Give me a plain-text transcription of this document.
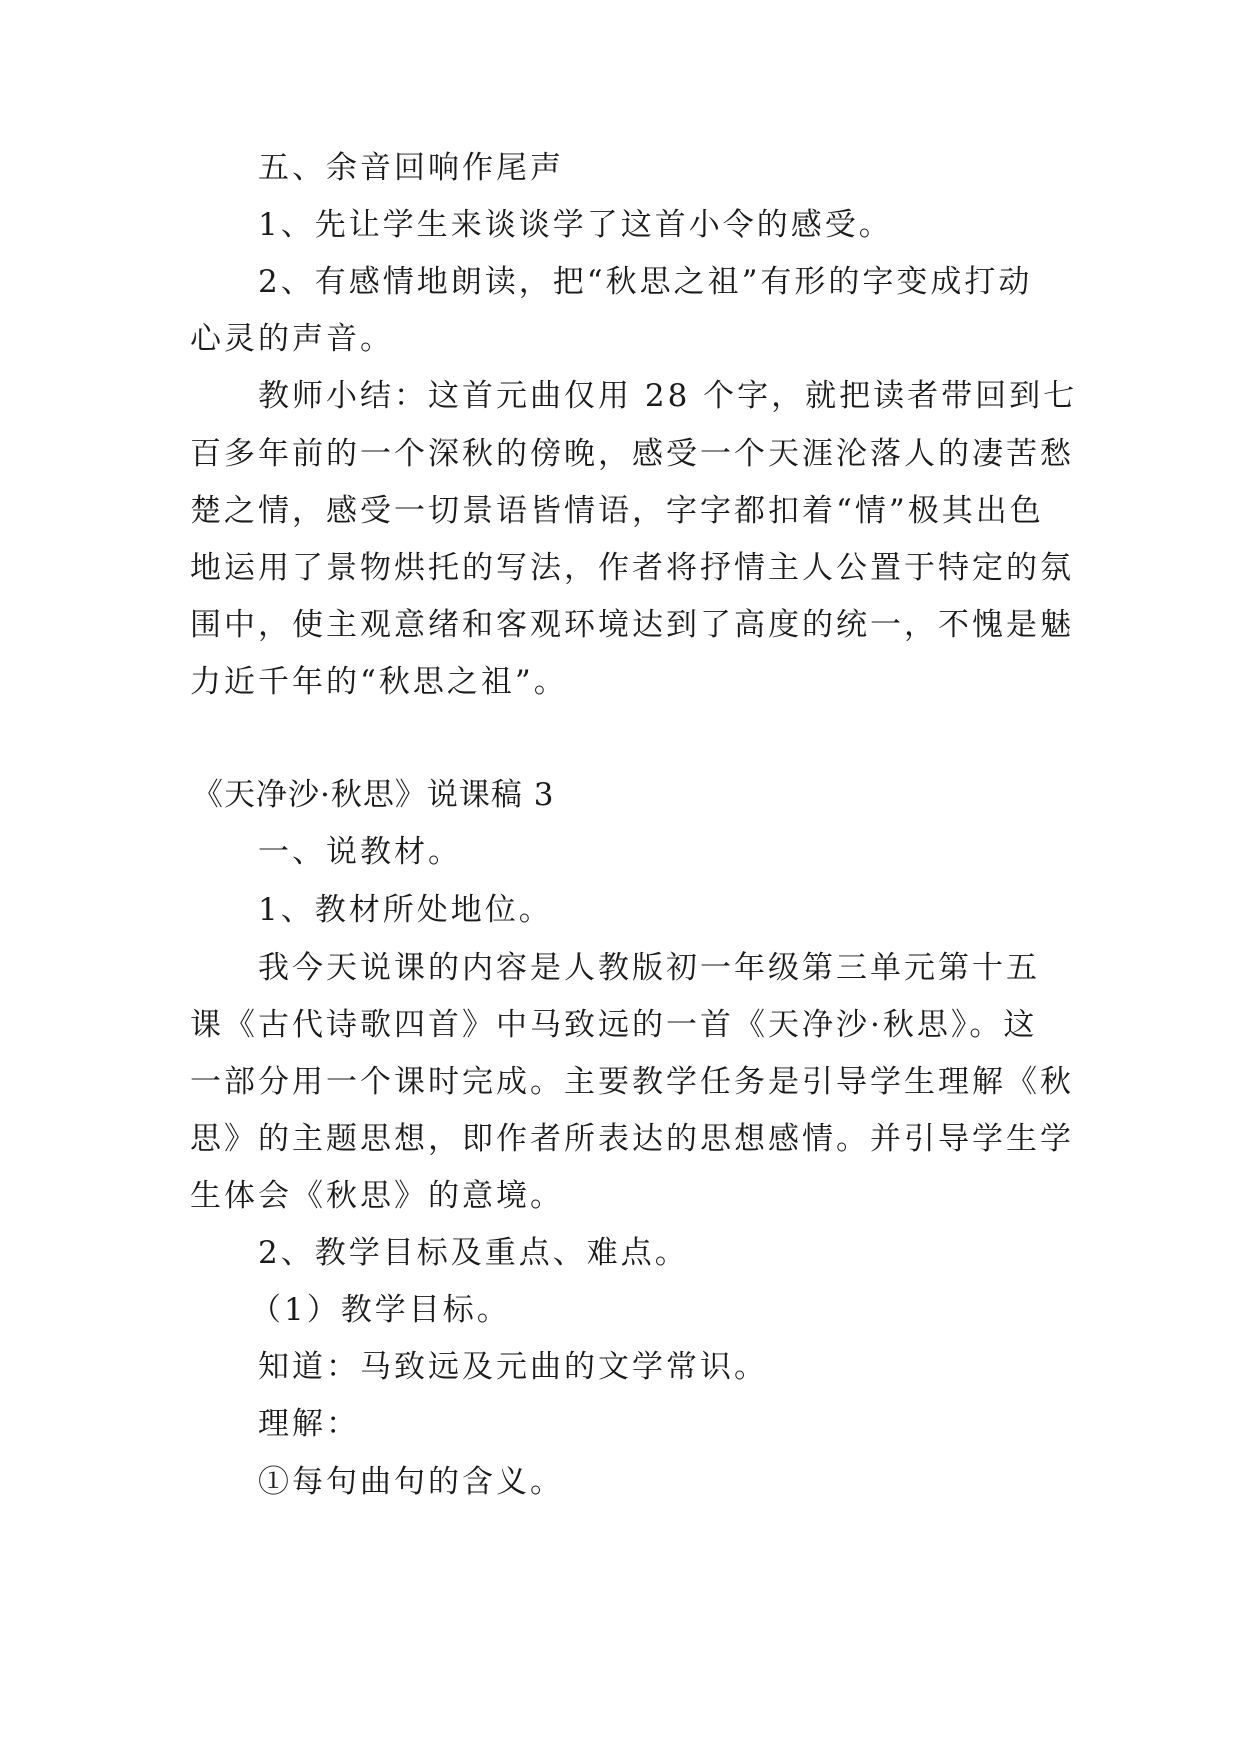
五、余音回响作尾声

1、先让学生来谈谈学了这首小令的感受。

2、有感情地朗读，把“秋思之祖”有形的字变成打动

心灵的声音。

教师小结：这首元曲仅用 28 个字，就把读者带回到七

百多年前的一个深秋的傍晚，感受一个天涯沦落人的凄苦愁

楚之情，感受一切景语皆情语，字字都扣着“情”极其出色

地运用了景物烘托的写法，作者将抒情主人公置于特定的氛

围中，使主观意绪和客观环境达到了高度的统一，不愧是魅

力近千年的“秋思之祖”。

《天净沙·秋思》说课稿 3

一、说教材。

1、教材所处地位。

我今天说课的内容是人教版初一年级第三单元第十五

课《古代诗歌四首》中马致远的一首《天净沙·秋思》。这

一部分用一个课时完成。主要教学任务是引导学生理解《秋

思》的主题思想，即作者所表达的思想感情。并引导学生学

生体会《秋思》的意境。

2、教学目标及重点、难点。

（1）教学目标。

知道：马致远及元曲的文学常识。

理解：

①每句曲句的含义。
